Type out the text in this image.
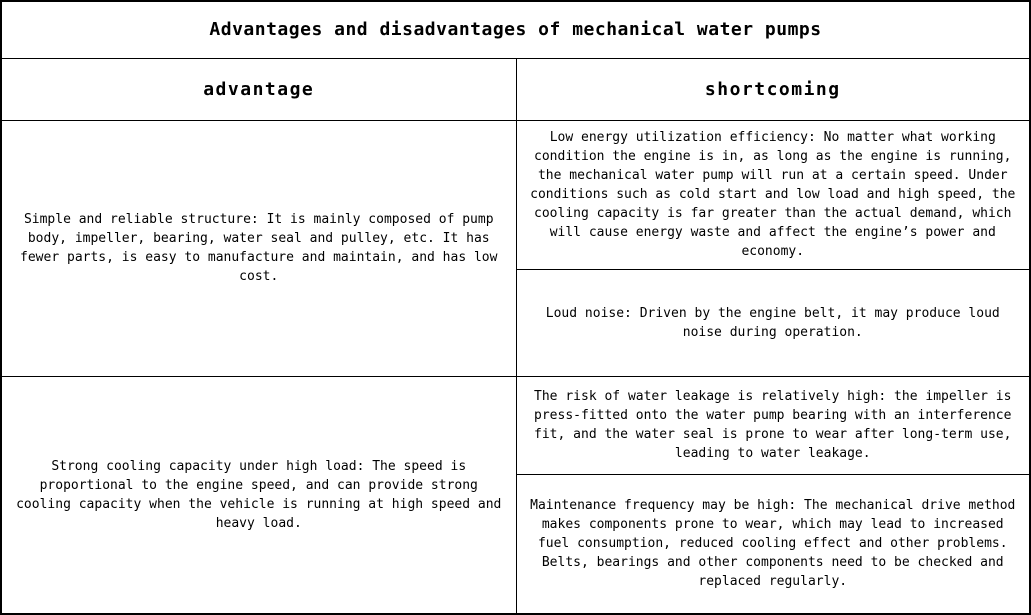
Advantages and disadvantages of mechanical water pumps	
advantage	shortcoming
Simple and reliable structure: It is mainly composed of pump body, impeller, bearing, water seal and pulley, etc. It has fewer parts, is easy to manufacture and maintain, and has low cost.	Low energy utilization efficiency: No matter what working condition the engine is in, as long as the engine is running, the mechanical water pump will run at a certain speed. Under conditions such as cold start and low load and high speed, the cooling capacity is far greater than the actual demand, which will cause energy waste and affect the engine’s power and economy.
	Loud noise: Driven by the engine belt, it may produce loud noise during operation.
Strong cooling capacity under high load: The speed is proportional to the engine speed, and can provide strong cooling capacity when the vehicle is running at high speed and heavy load.	The risk of water leakage is relatively high: the impeller is press-fitted onto the water pump bearing with an interference fit, and the water seal is prone to wear after long-term use, leading to water leakage.
	Maintenance frequency may be high: The mechanical drive method makes components prone to wear, which may lead to increased fuel consumption, reduced cooling effect and other problems. Belts, bearings and other components need to be checked and replaced regularly.
